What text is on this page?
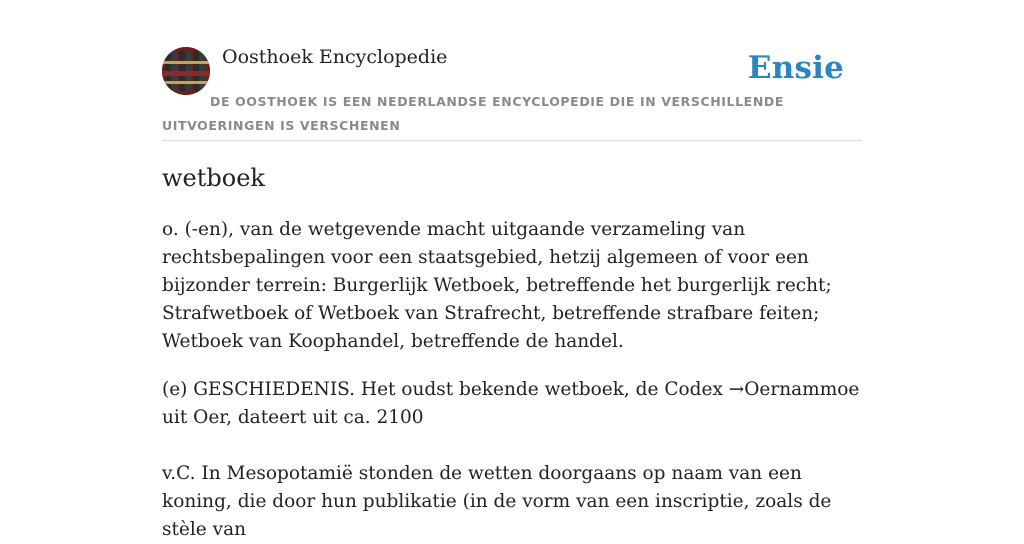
Oosthoek Encyclopedie	Ensie
DE OOSTHOEK IS EEN NEDERLANDSE ENCYCLOPEDIE DIE IN VERSCHILLENDE UITVOERINGEN IS VERSCHENEN
wetboek

o. (-en), van de wetgevende macht uitgaande verzameling van rechtsbepalingen voor een staatsgebied, hetzij algemeen of voor een bijzonder terrein: Burgerlijk Wetboek, betreffende het burgerlijk recht; Strafwetboek of Wetboek van Strafrecht, betreffende strafbare feiten; Wetboek van Koophandel, betreffende de handel.

(e) GESCHIEDENIS. Het oudst bekende wetboek, de Codex →Oernammoe uit Oer, dateert uit ca. 2100

v.C. In Mesopotamië stonden de wetten doorgaans op naam van een koning, die door hun publikatie (in de vorm van een inscriptie, zoals de stèle van
